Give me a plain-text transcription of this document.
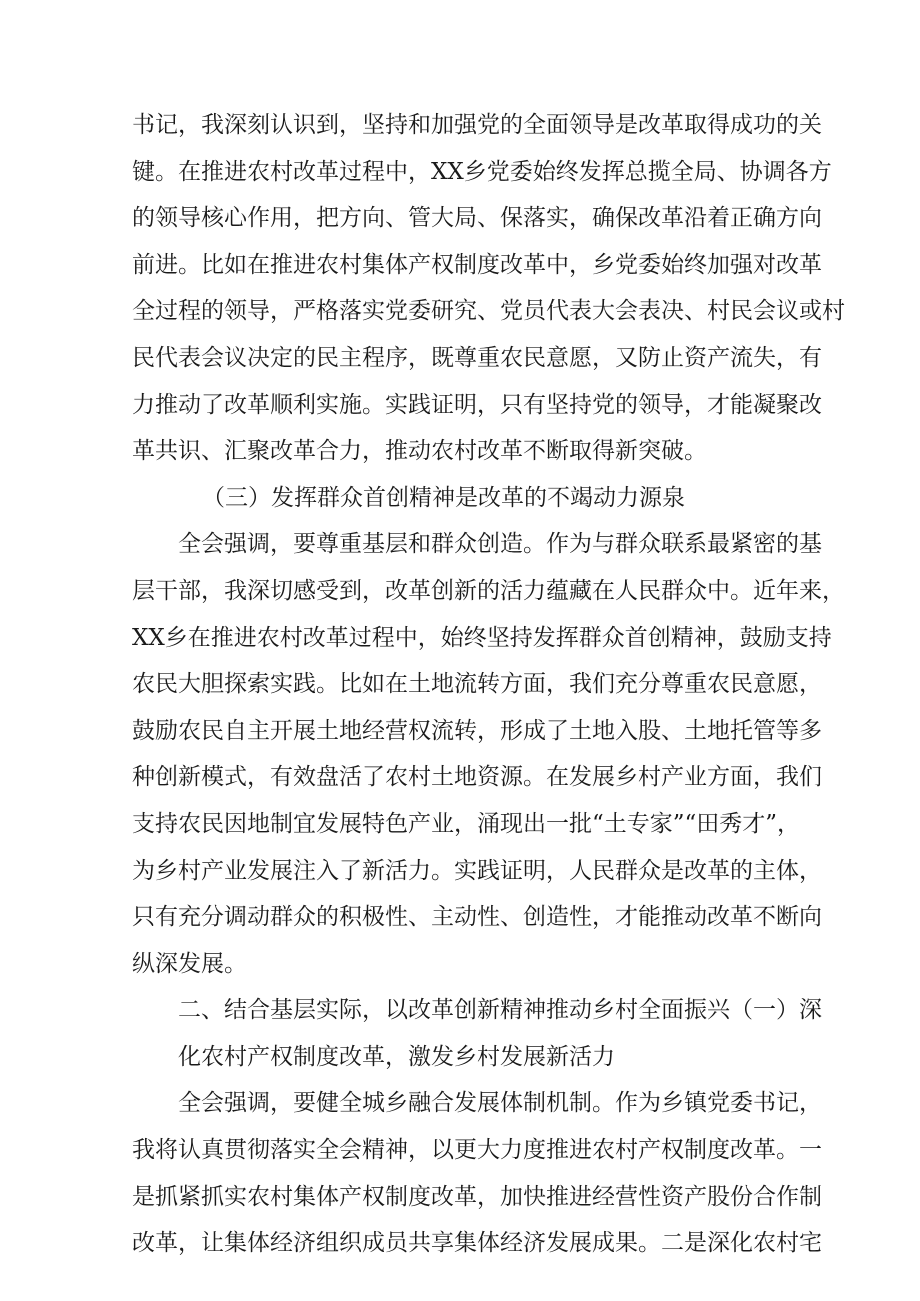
书记，我深刻认识到，坚持和加强党的全面领导是改革取得成功的关
键。在推进农村改革过程中，XX乡党委始终发挥总揽全局、协调各方
的领导核心作用，把方向、管大局、保落实，确保改革沿着正确方向
前进。比如在推进农村集体产权制度改革中，乡党委始终加强对改革
全过程的领导，严格落实党委研究、党员代表大会表决、村民会议或村
民代表会议决定的民主程序，既尊重农民意愿，又防止资产流失，有
力推动了改革顺利实施。实践证明，只有坚持党的领导，才能凝聚改
革共识、汇聚改革合力，推动农村改革不断取得新突破。
（三）发挥群众首创精神是改革的不竭动力源泉
全会强调，要尊重基层和群众创造。作为与群众联系最紧密的基
层干部，我深切感受到，改革创新的活力蕴藏在人民群众中。近年来，
XX乡在推进农村改革过程中，始终坚持发挥群众首创精神，鼓励支持
农民大胆探索实践。比如在土地流转方面，我们充分尊重农民意愿，
鼓励农民自主开展土地经营权流转，形成了土地入股、土地托管等多
种创新模式，有效盘活了农村土地资源。在发展乡村产业方面，我们
支持农民因地制宜发展特色产业，涌现出一批“土专家”“田秀才”，
为乡村产业发展注入了新活力。实践证明，人民群众是改革的主体，
只有充分调动群众的积极性、主动性、创造性，才能推动改革不断向
纵深发展。
二、结合基层实际，以改革创新精神推动乡村全面振兴（一）深
化农村产权制度改革，激发乡村发展新活力
全会强调，要健全城乡融合发展体制机制。作为乡镇党委书记，
我将认真贯彻落实全会精神，以更大力度推进农村产权制度改革。一
是抓紧抓实农村集体产权制度改革，加快推进经营性资产股份合作制
改革，让集体经济组织成员共享集体经济发展成果。二是深化农村宅
